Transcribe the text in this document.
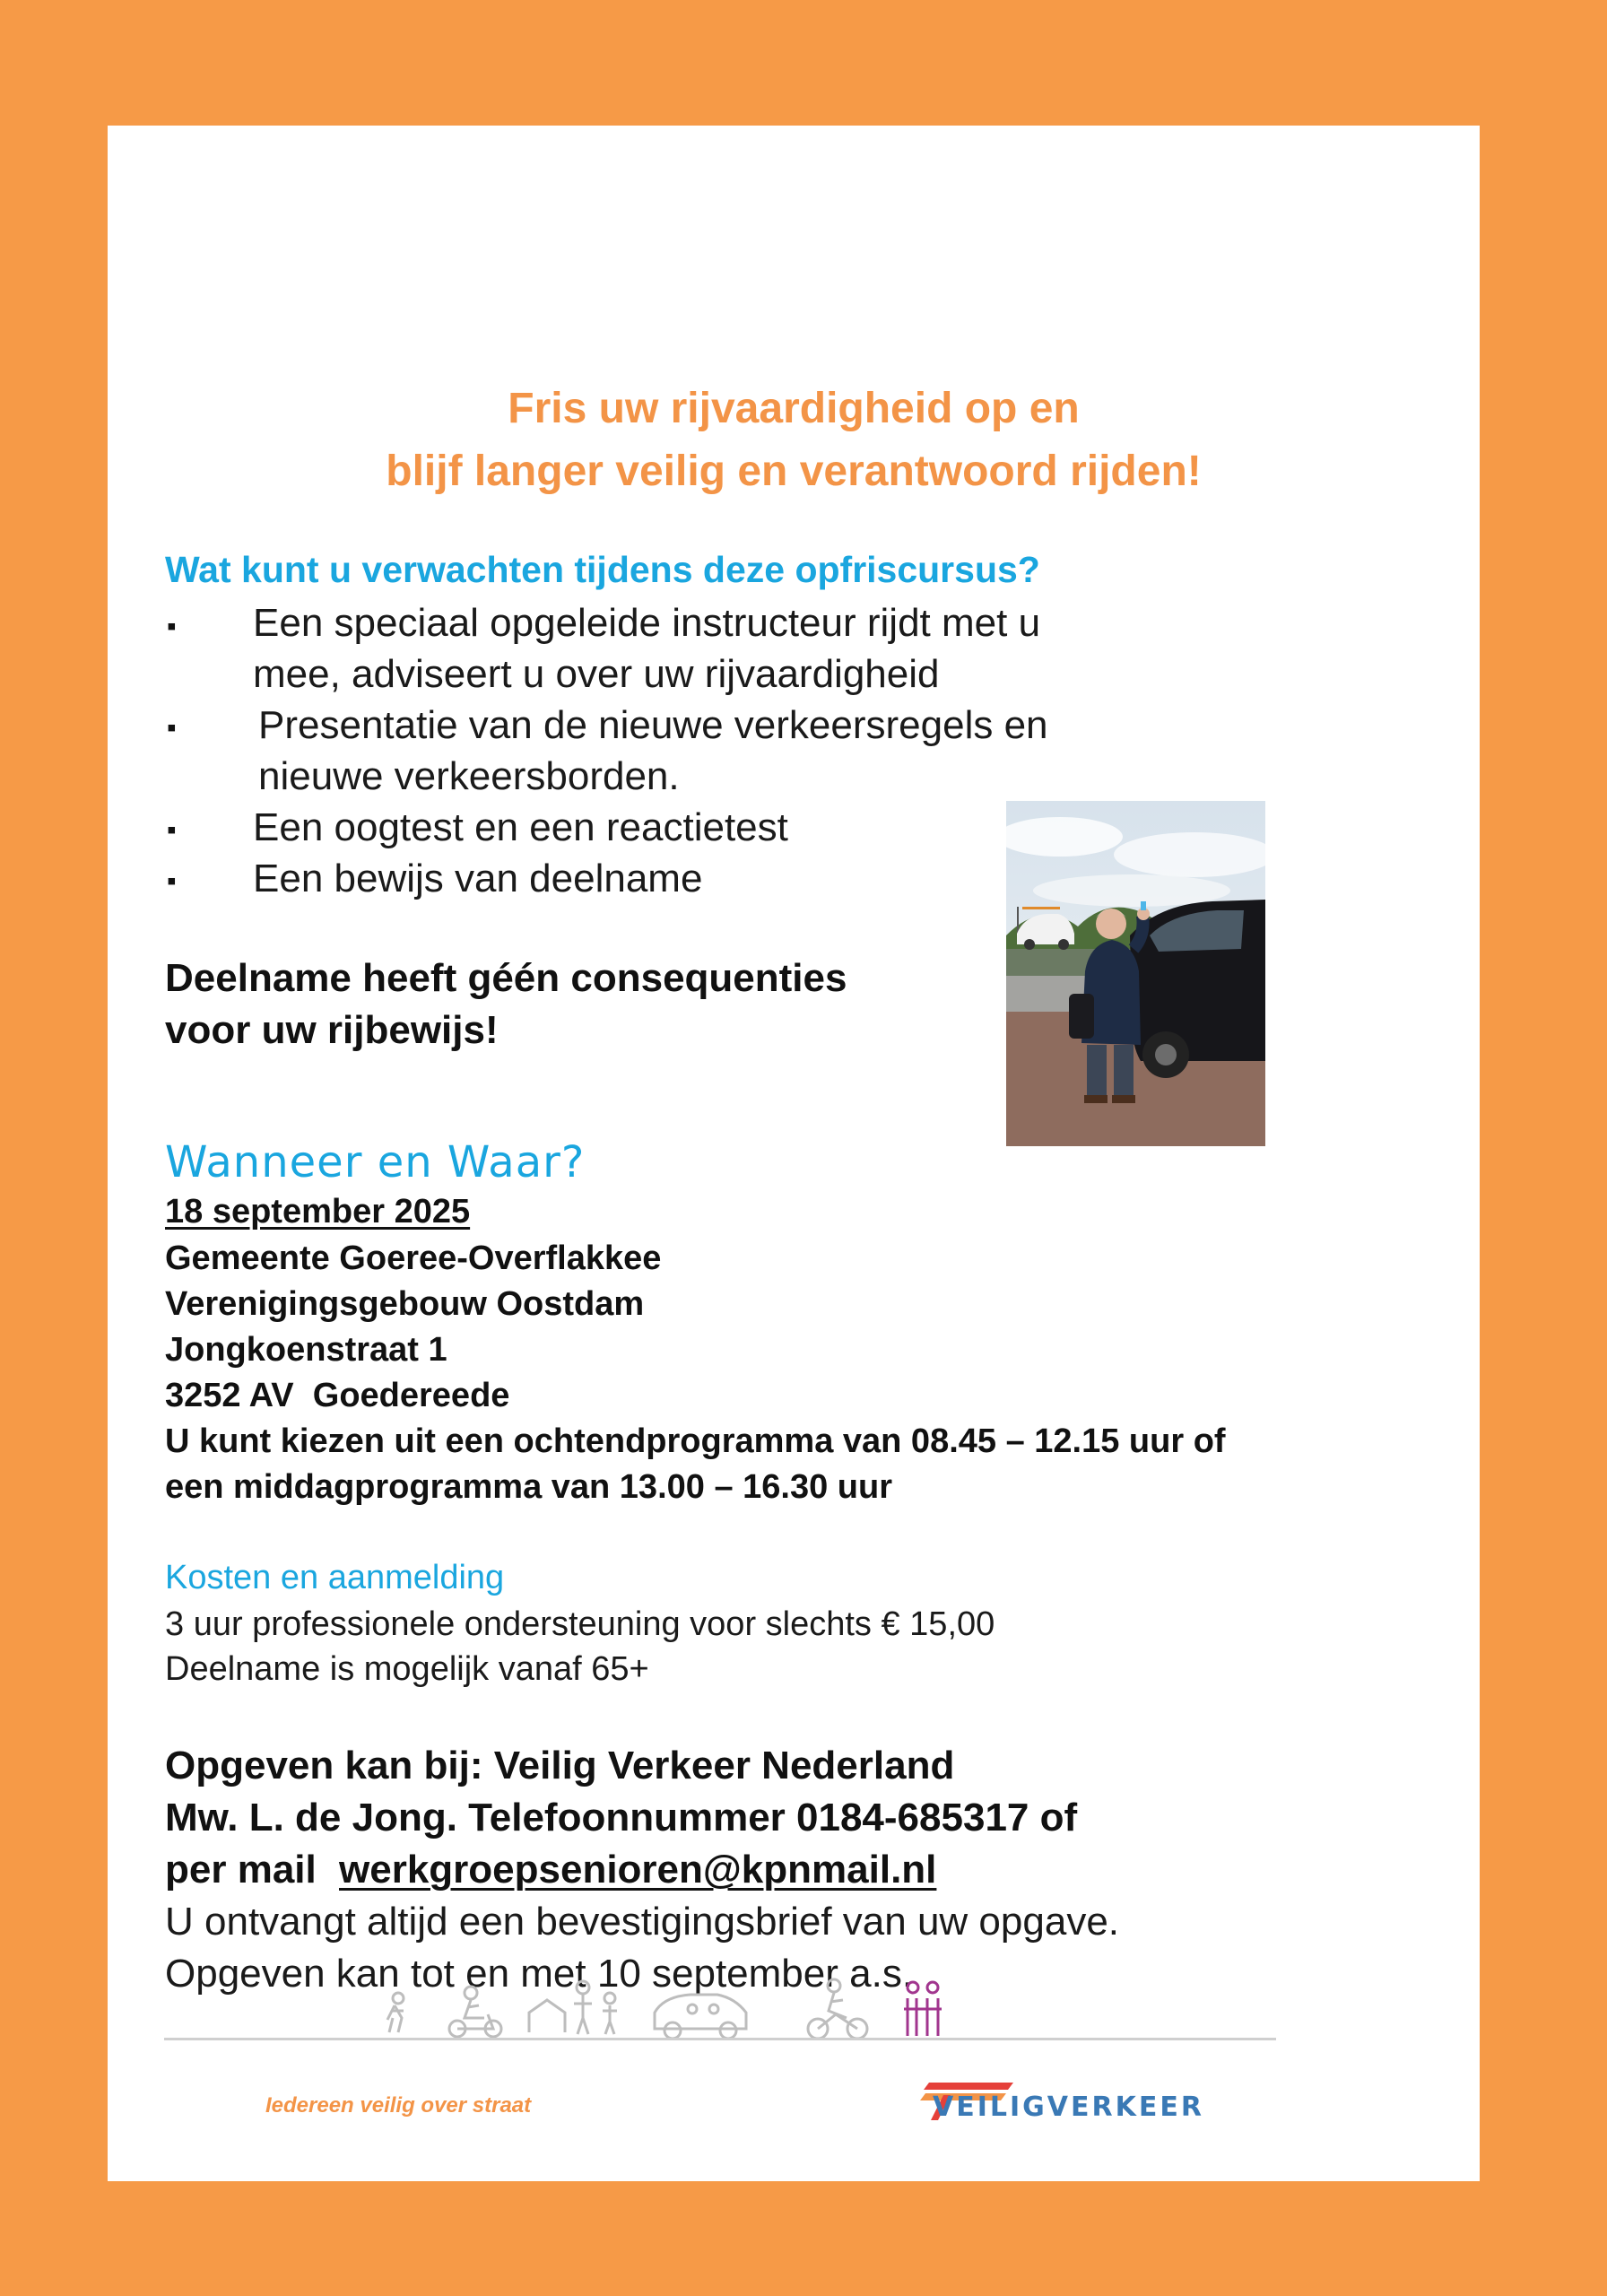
Fris uw rijvaardigheid op en
blijf langer veilig en verantwoord rijden!
Wat kunt u verwachten tijdens deze opfriscursus?
▪ Een speciaal opgeleide instructeur rijdt met u
mee, adviseert u over uw rijvaardigheid
▪ Presentatie van de nieuwe verkeersregels en
nieuwe verkeersborden.
▪ Een oogtest en een reactietest
▪ Een bewijs van deelname
Deelname heeft géén consequenties
voor uw rijbewijs!
Wanneer en Waar?
18 september 2025
Gemeente Goeree-Overflakkee
Verenigingsgebouw Oostdam
Jongkoenstraat 1
3252 AV  Goedereede
U kunt kiezen uit een ochtendprogramma van 08.45 – 12.15 uur of
een middagprogramma van 13.00 – 16.30 uur
Kosten en aanmelding
3 uur professionele ondersteuning voor slechts € 15,00
Deelname is mogelijk vanaf 65+
Opgeven kan bij: Veilig Verkeer Nederland
Mw. L. de Jong. Telefoonnummer 0184-685317 of
per mail werkgroepsenioren@kpnmail.nl
U ontvangt altijd een bevestigingsbrief van uw opgave.
Opgeven kan tot en met 10 september a.s.
Iedereen veilig over straat	VEILIGVERKEER
